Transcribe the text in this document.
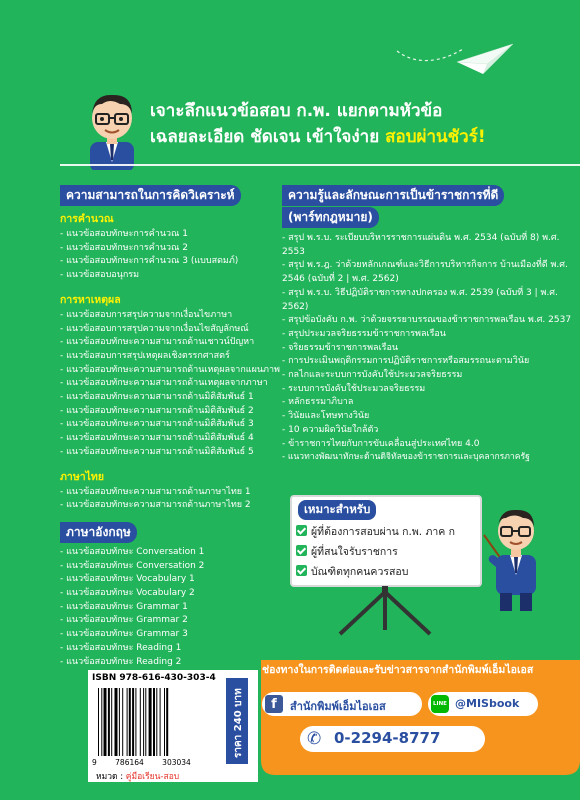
เจาะลึกแนวข้อสอบ ก.พ. แยกตามหัวข้อ
เฉลยละเอียด ชัดเจน เข้าใจง่าย สอบผ่านชัวร์!
ความสามารถในการคิดวิเคราะห์
การคำนวณ
- แนวข้อสอบทักษะการคำนวณ 1
- แนวข้อสอบทักษะการคำนวณ 2
- แนวข้อสอบทักษะการคำนวณ 3 (แบบสดมภ์)
- แนวข้อสอบอนุกรม
การหาเหตุผล
- แนวข้อสอบการสรุปความจากเงื่อนไขภาษา
- แนวข้อสอบการสรุปความจากเงื่อนไขสัญลักษณ์
- แนวข้อสอบทักษะความสามารถด้านเชาวน์ปัญหา
- แนวข้อสอบการสรุปเหตุผลเชิงตรรกศาสตร์
- แนวข้อสอบทักษะความสามารถด้านเหตุผลจากแผนภาพ
- แนวข้อสอบทักษะความสามารถด้านเหตุผลจากภาษา
- แนวข้อสอบทักษะความสามารถด้านมิติสัมพันธ์ 1
- แนวข้อสอบทักษะความสามารถด้านมิติสัมพันธ์ 2
- แนวข้อสอบทักษะความสามารถด้านมิติสัมพันธ์ 3
- แนวข้อสอบทักษะความสามารถด้านมิติสัมพันธ์ 4
- แนวข้อสอบทักษะความสามารถด้านมิติสัมพันธ์ 5
ภาษาไทย
- แนวข้อสอบทักษะความสามารถด้านภาษาไทย 1
- แนวข้อสอบทักษะความสามารถด้านภาษาไทย 2
ภาษาอังกฤษ
- แนวข้อสอบทักษะ Conversation 1
- แนวข้อสอบทักษะ Conversation 2
- แนวข้อสอบทักษะ Vocabulary 1
- แนวข้อสอบทักษะ Vocabulary 2
- แนวข้อสอบทักษะ Grammar 1
- แนวข้อสอบทักษะ Grammar 2
- แนวข้อสอบทักษะ Grammar 3
- แนวข้อสอบทักษะ Reading 1
- แนวข้อสอบทักษะ Reading 2
ความรู้และลักษณะการเป็นข้าราชการที่ดี
(พาร์ทกฎหมาย)
- สรุป พ.ร.บ. ระเบียบบริหารราชการแผ่นดิน พ.ศ. 2534 (ฉบับที่ 8) พ.ศ. 2553
- สรุป พ.ร.ฎ. ว่าด้วยหลักเกณฑ์และวิธีการบริหารกิจการ บ้านเมืองที่ดี พ.ศ. 2546 (ฉบับที่ 2 | พ.ศ. 2562)
- สรุป พ.ร.บ. วิธีปฏิบัติราชการทางปกครอง พ.ศ. 2539 (ฉบับที่ 3 | พ.ศ. 2562)
- สรุปข้อบังคับ ก.พ. ว่าด้วยจรรยาบรรณของข้าราชการพลเรือน พ.ศ. 2537
- สรุปประมวลจริยธรรมข้าราชการพลเรือน
- จริยธรรมข้าราชการพลเรือน
- การประเมินพฤติกรรมการปฏิบัติราชการหรือสมรรถนะตามวินัย
- กลไกและระบบการบังคับใช้ประมวลจริยธรรม
- ระบบการบังคับใช้ประมวลจริยธรรม
- หลักธรรมาภิบาล
- วินัยและโทษทางวินัย
- 10 ความผิดวินัยใกล้ตัว
- ข้าราชการไทยกับการขับเคลื่อนสู่ประเทศไทย 4.0
- แนวทางพัฒนาทักษะด้านดิจิทัลของข้าราชการและบุคลากรภาครัฐ
เหมาะสำหรับ
ผู้ที่ต้องการสอบผ่าน ก.พ. ภาค ก
ผู้ที่สนใจรับราชการ
บัณฑิตทุกคนควรสอบ
ISBN 978-616-430-303-4
9 786164 303034
หมวด : คู่มือเรียน-สอบ
ราคา 240 บาท
ช่องทางในการติดต่อและรับข่าวสารจากสำนักพิมพ์เอ็มไอเอส
f	สำนักพิมพ์เอ็มไอเอส	LINE @MISbook
✆ 0-2294-8777
